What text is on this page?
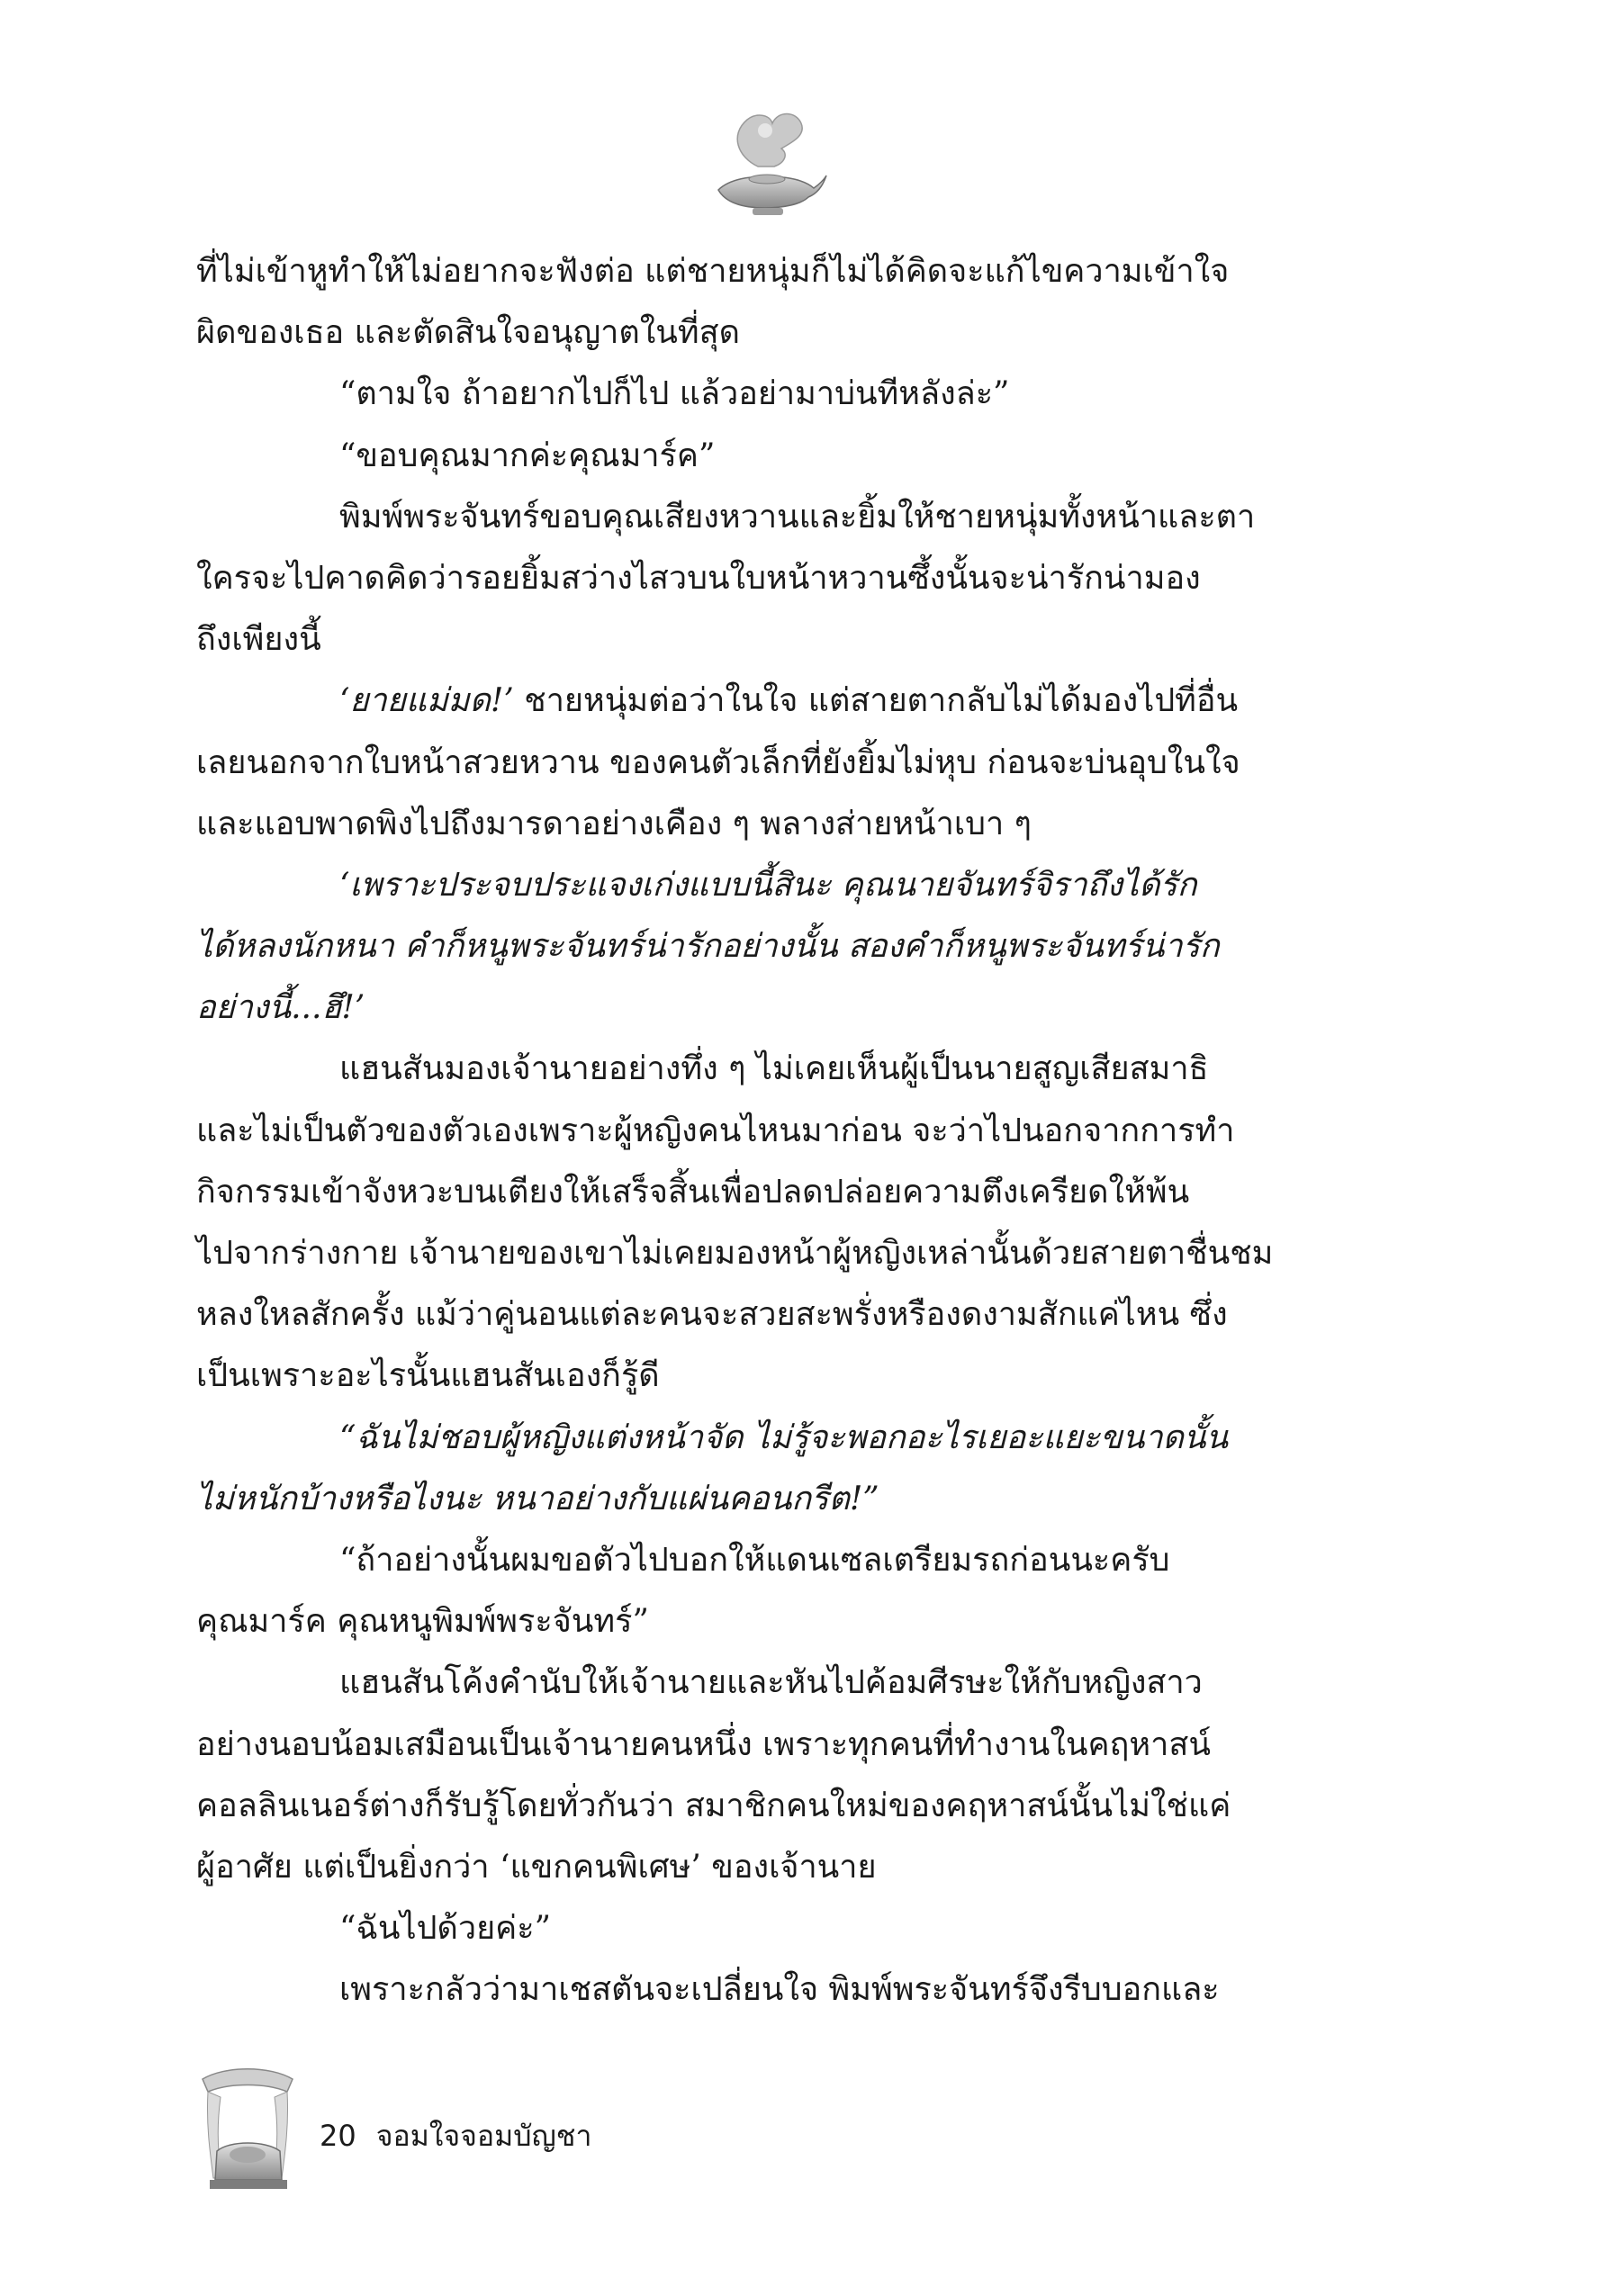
ที่ไม่เข้าหูทำให้ไม่อยากจะฟังต่อ แต่ชายหนุ่มก็ไม่ได้คิดจะแก้ไขความเข้าใจ
ผิดของเธอ และตัดสินใจอนุญาตในที่สุด
“ตามใจ ถ้าอยากไปก็ไป แล้วอย่ามาบ่นทีหลังล่ะ”
“ขอบคุณมากค่ะคุณมาร์ค”
พิมพ์พระจันทร์ขอบคุณเสียงหวานและยิ้มให้ชายหนุ่มทั้งหน้าและตา
ใครจะไปคาดคิดว่ารอยยิ้มสว่างไสวบนใบหน้าหวานซึ้งนั้นจะน่ารักน่ามอง
ถึงเพียงนี้
‘ยายแม่มด!’ ชายหนุ่มต่อว่าในใจ แต่สายตากลับไม่ได้มองไปที่อื่น
เลยนอกจากใบหน้าสวยหวาน ของคนตัวเล็กที่ยังยิ้มไม่หุบ ก่อนจะบ่นอุบในใจ
และแอบพาดพิงไปถึงมารดาอย่างเคือง ๆ พลางส่ายหน้าเบา ๆ
‘เพราะประจบประแจงเก่งแบบนี้สินะ คุณนายจันทร์จิราถึงได้รัก
ได้หลงนักหนา คำก็หนูพระจันทร์น่ารักอย่างนั้น สองคำก็หนูพระจันทร์น่ารัก
อย่างนี้...ฮึ!’
แฮนสันมองเจ้านายอย่างทึ่ง ๆ ไม่เคยเห็นผู้เป็นนายสูญเสียสมาธิ
และไม่เป็นตัวของตัวเองเพราะผู้หญิงคนไหนมาก่อน จะว่าไปนอกจากการทำ
กิจกรรมเข้าจังหวะบนเตียงให้เสร็จสิ้นเพื่อปลดปล่อยความตึงเครียดให้พ้น
ไปจากร่างกาย เจ้านายของเขาไม่เคยมองหน้าผู้หญิงเหล่านั้นด้วยสายตาชื่นชม
หลงใหลสักครั้ง แม้ว่าคู่นอนแต่ละคนจะสวยสะพรั่งหรืองดงามสักแค่ไหน ซึ่ง
เป็นเพราะอะไรนั้นแฮนสันเองก็รู้ดี
“ฉันไม่ชอบผู้หญิงแต่งหน้าจัด ไม่รู้จะพอกอะไรเยอะแยะขนาดนั้น
ไม่หนักบ้างหรือไงนะ หนาอย่างกับแผ่นคอนกรีต!”
“ถ้าอย่างนั้นผมขอตัวไปบอกให้แดนเซลเตรียมรถก่อนนะครับ
คุณมาร์ค คุณหนูพิมพ์พระจันทร์”
แฮนสันโค้งคำนับให้เจ้านายและหันไปค้อมศีรษะให้กับหญิงสาว
อย่างนอบน้อมเสมือนเป็นเจ้านายคนหนึ่ง เพราะทุกคนที่ทำงานในคฤหาสน์
คอลลินเนอร์ต่างก็รับรู้โดยทั่วกันว่า สมาชิกคนใหม่ของคฤหาสน์นั้นไม่ใช่แค่
ผู้อาศัย แต่เป็นยิ่งกว่า ‘แขกคนพิเศษ’ ของเจ้านาย
“ฉันไปด้วยค่ะ”
เพราะกลัวว่ามาเชสตันจะเปลี่ยนใจ พิมพ์พระจันทร์จึงรีบบอกและ
20 จอมใจจอมบัญชา
